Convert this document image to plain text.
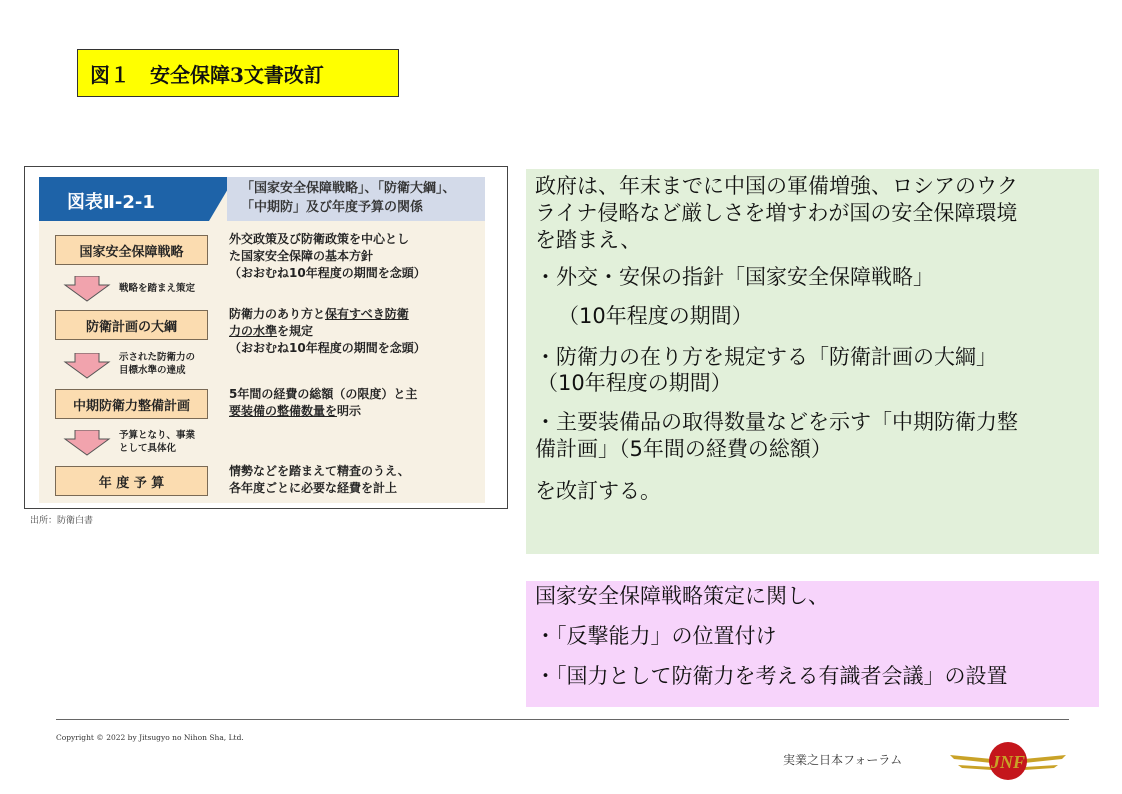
図１　安全保障3文書改訂
図表Ⅱ-2-1
「国家安全保障戦略」、「防衛大綱」、
「中期防」及び年度予算の関係
国家安全保障戦略
外交政策及び防衛政策を中心とし
た国家安全保障の基本方針
（おおむね10年程度の期間を念頭）
戦略を踏まえ策定
防衛計画の大綱
防衛力のあり方と保有すべき防衛
力の水準を規定
（おおむね10年程度の期間を念頭）
示された防衛力の
目標水準の達成
中期防衛力整備計画
5年間の経費の総額（の限度）と主
要装備の整備数量を明示
予算となり、事業
として具体化
年 度 予 算
情勢などを踏まえて精査のうえ、
各年度ごとに必要な経費を計上
出所：防衛白書

政府は、年末までに中国の軍備増強、ロシアのウク

ライナ侵略など厳しさを増すわが国の安全保障環境

を踏まえ、

・外交・安保の指針「国家安全保障戦略」

（10年程度の期間）

・防衛力の在り方を規定する「防衛計画の大綱」

（10年程度の期間）

・主要装備品の取得数量などを示す「中期防衛力整

備計画」（5年間の経費の総額）

を改訂する。

国家安全保障戦略策定に関し、

・「反撃能力」の位置付け

・「国力として防衛力を考える有識者会議」の設置

Copyright © 2022 by Jitsugyo no Nihon Sha, Ltd.
実業之日本フォーラム	JNF
